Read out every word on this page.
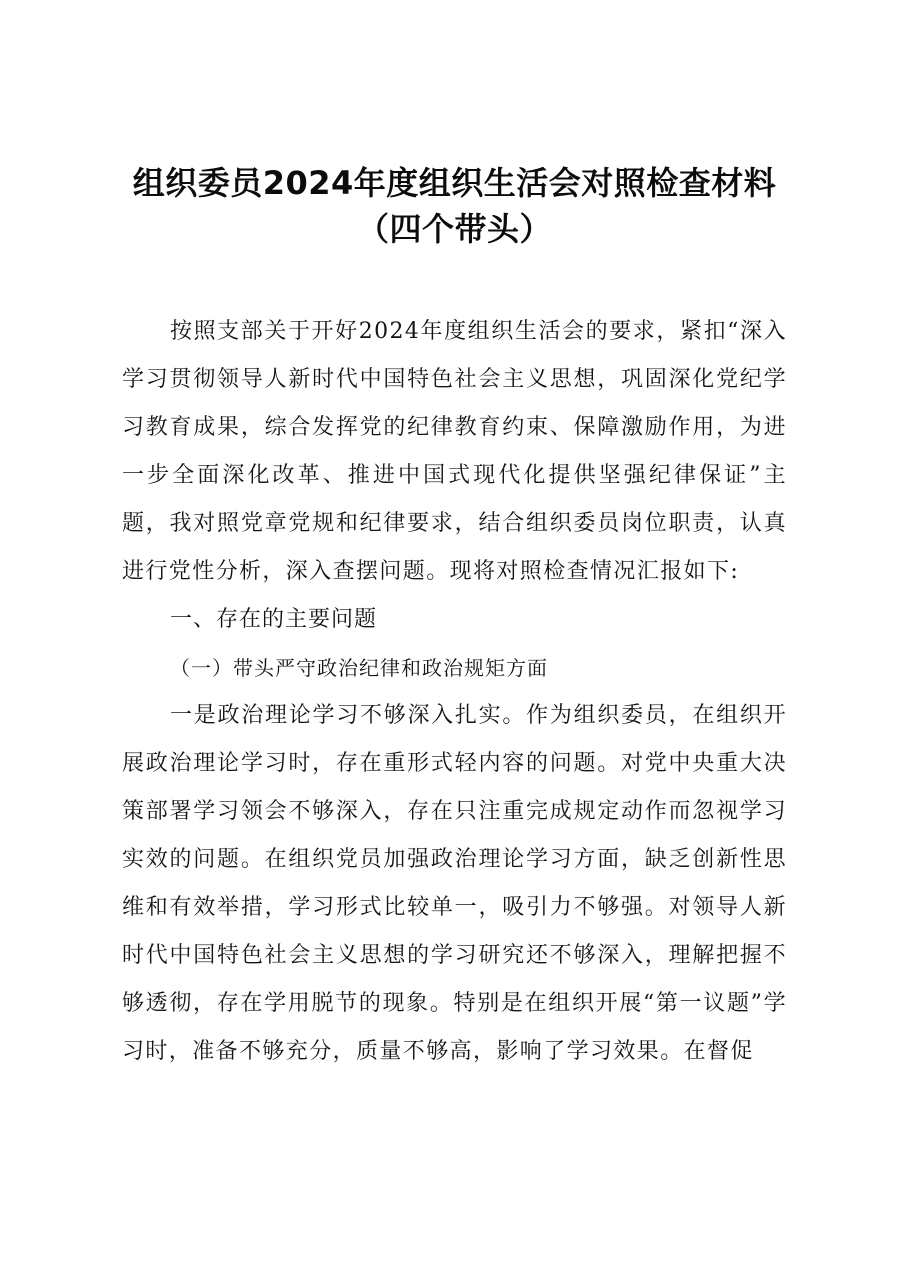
组织委员2024年度组织生活会对照检查材料
（四个带头）

按照支部关于开好2024年度组织生活会的要求，紧扣“深入学习贯彻领导人新时代中国特色社会主义思想，巩固深化党纪学习教育成果，综合发挥党的纪律教育约束、保障激励作用，为进一步全面深化改革、推进中国式现代化提供坚强纪律保证”主题，我对照党章党规和纪律要求，结合组织委员岗位职责，认真进行党性分析，深入查摆问题。现将对照检查情况汇报如下:

一、存在的主要问题

（一）带头严守政治纪律和政治规矩方面

一是政治理论学习不够深入扎实。作为组织委员，在组织开展政治理论学习时，存在重形式轻内容的问题。对党中央重大决策部署学习领会不够深入，存在只注重完成规定动作而忽视学习实效的问题。在组织党员加强政治理论学习方面，缺乏创新性思维和有效举措，学习形式比较单一，吸引力不够强。对领导人新时代中国特色社会主义思想的学习研究还不够深入，理解把握不够透彻，存在学用脱节的现象。特别是在组织开展“第一议题”学习时，准备不够充分，质量不够高，影响了学习效果。在督促
